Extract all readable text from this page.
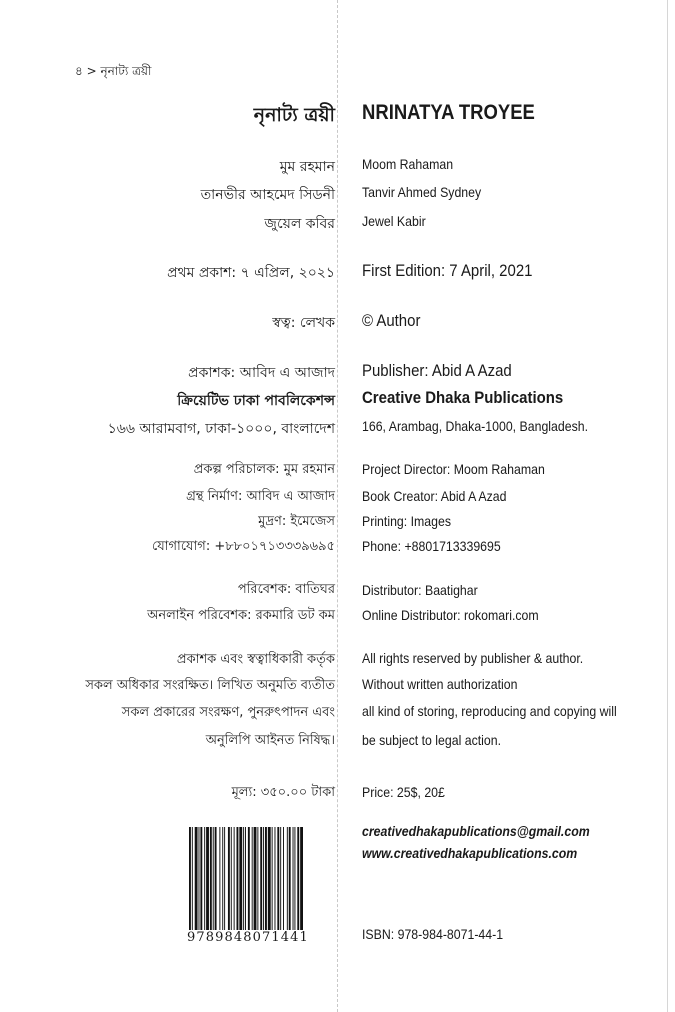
৪ > নৃনাট্য ত্রয়ী
নৃনাট্য ত্রয়ী
মুম রহমান
তানভীর আহমেদ সিডনী
জুয়েল কবির
প্রথম প্রকাশ: ৭ এপ্রিল, ২০২১
স্বত্ব: লেখক
প্রকাশক: আবিদ এ আজাদ
ক্রিয়েটিভ ঢাকা পাবলিকেশন্স
১৬৬ আরামবাগ, ঢাকা-১০০০, বাংলাদেশ
প্রকল্প পরিচালক: মুম রহমান
গ্রন্থ নির্মাণ: আবিদ এ আজাদ
মুদ্রণ: ইমেজেস
যোগাযোগ: +৮৮০১৭১৩৩৩৯৬৯৫
পরিবেশক: বাতিঘর
অনলাইন পরিবেশক: রকমারি ডট কম
প্রকাশক এবং স্বত্বাধিকারী কর্তৃক
সকল অধিকার সংরক্ষিত। লিখিত অনুমতি ব্যতীত
সকল প্রকারের সংরক্ষণ, পুনরুৎপাদন এবং
অনুলিপি আইনত নিষিদ্ধ।
মূল্য: ৩৫০.০০ টাকা
9789848071441
NRINATYA TROYEE
Moom Rahaman
Tanvir Ahmed Sydney
Jewel Kabir
First Edition: 7 April, 2021
© Author
Publisher: Abid A Azad
Creative Dhaka Publications
166, Arambag, Dhaka-1000, Bangladesh.
Project Director: Moom Rahaman
Book Creator: Abid A Azad
Printing: Images
Phone: +8801713339695
Distributor: Baatighar
Online Distributor: rokomari.com
All rights reserved by publisher & author.
Without written authorization
all kind of storing, reproducing and copying will
be subject to legal action.
Price: 25$, 20£
creativedhakapublications@gmail.com
www.creativedhakapublications.com
ISBN: 978-984-8071-44-1
